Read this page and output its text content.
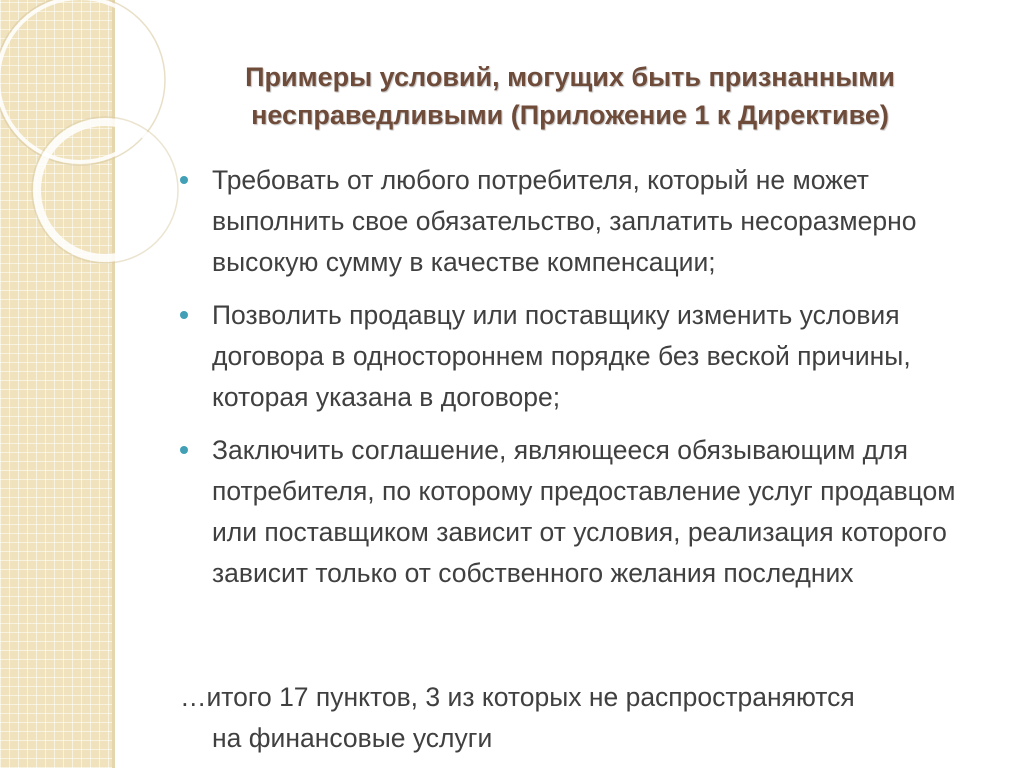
Примеры условий, могущих быть признанными
несправедливыми (Приложение 1 к Директиве)
Требовать от любого потребителя, который не может выполнить свое обязательство, заплатить несоразмерно высокую сумму в качестве компенсации;
Позволить продавцу или поставщику изменить условия договора в одностороннем порядке без веской причины, которая указана в договоре;
Заключить соглашение, являющееся обязывающим для потребителя, по которому предоставление услуг продавцом или поставщиком зависит от условия, реализация которого зависит только от собственного желания последних
…итого 17 пунктов, 3 из которых не распространяются
на финансовые услуги
